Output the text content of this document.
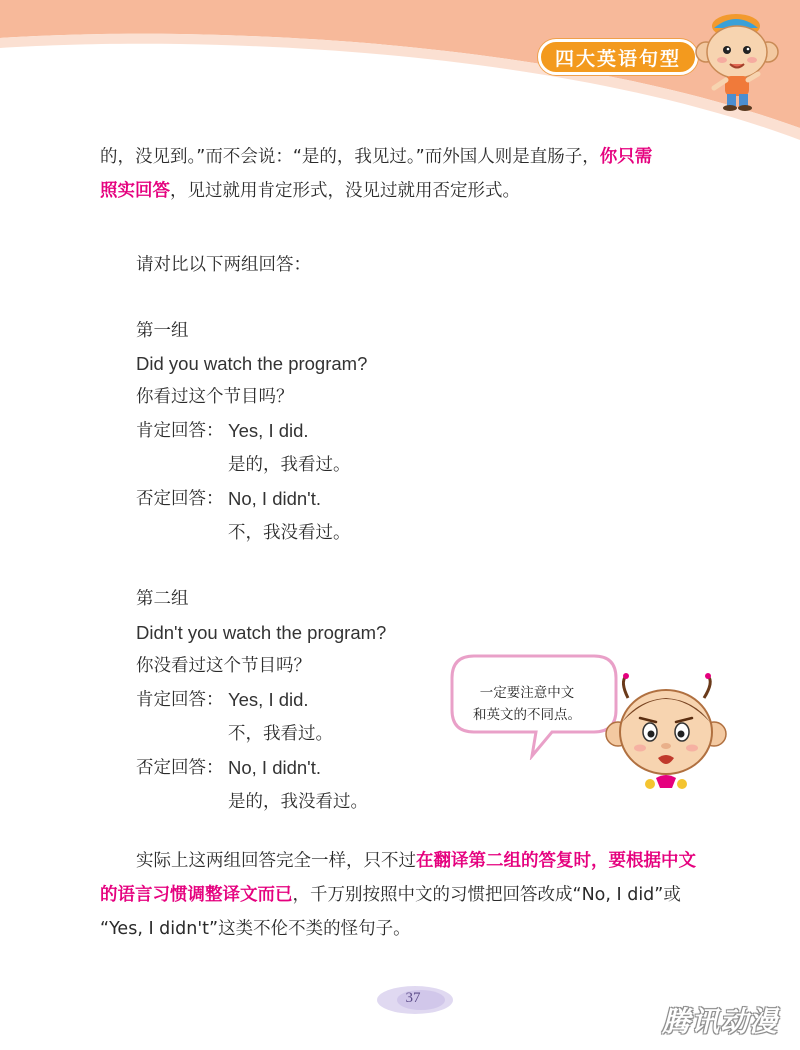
四大英语句型
的，没见到。”而不会说：“是的，我见过。”而外国人则是直肠子，你只需
照实回答，见过就用肯定形式，没见过就用否定形式。
请对比以下两组回答：
第一组
Did you watch the program?
你看过这个节目吗？
肯定回答： Yes, I did.
是的，我看过。
否定回答： No, I didn't.
不，我没看过。
第二组
Didn't you watch the program?
你没看过这个节目吗？
肯定回答： Yes, I did.
不，我看过。
否定回答： No, I didn't.
是的，我没看过。
实际上这两组回答完全一样，只不过在翻译第二组的答复时，要根据中文
的语言习惯调整译文而已，千万别按照中文的习惯把回答改成“No, I did”或
“Yes, I didn't”这类不伦不类的怪句子。
一定要注意中文
和英文的不同点。
37
腾讯动漫
